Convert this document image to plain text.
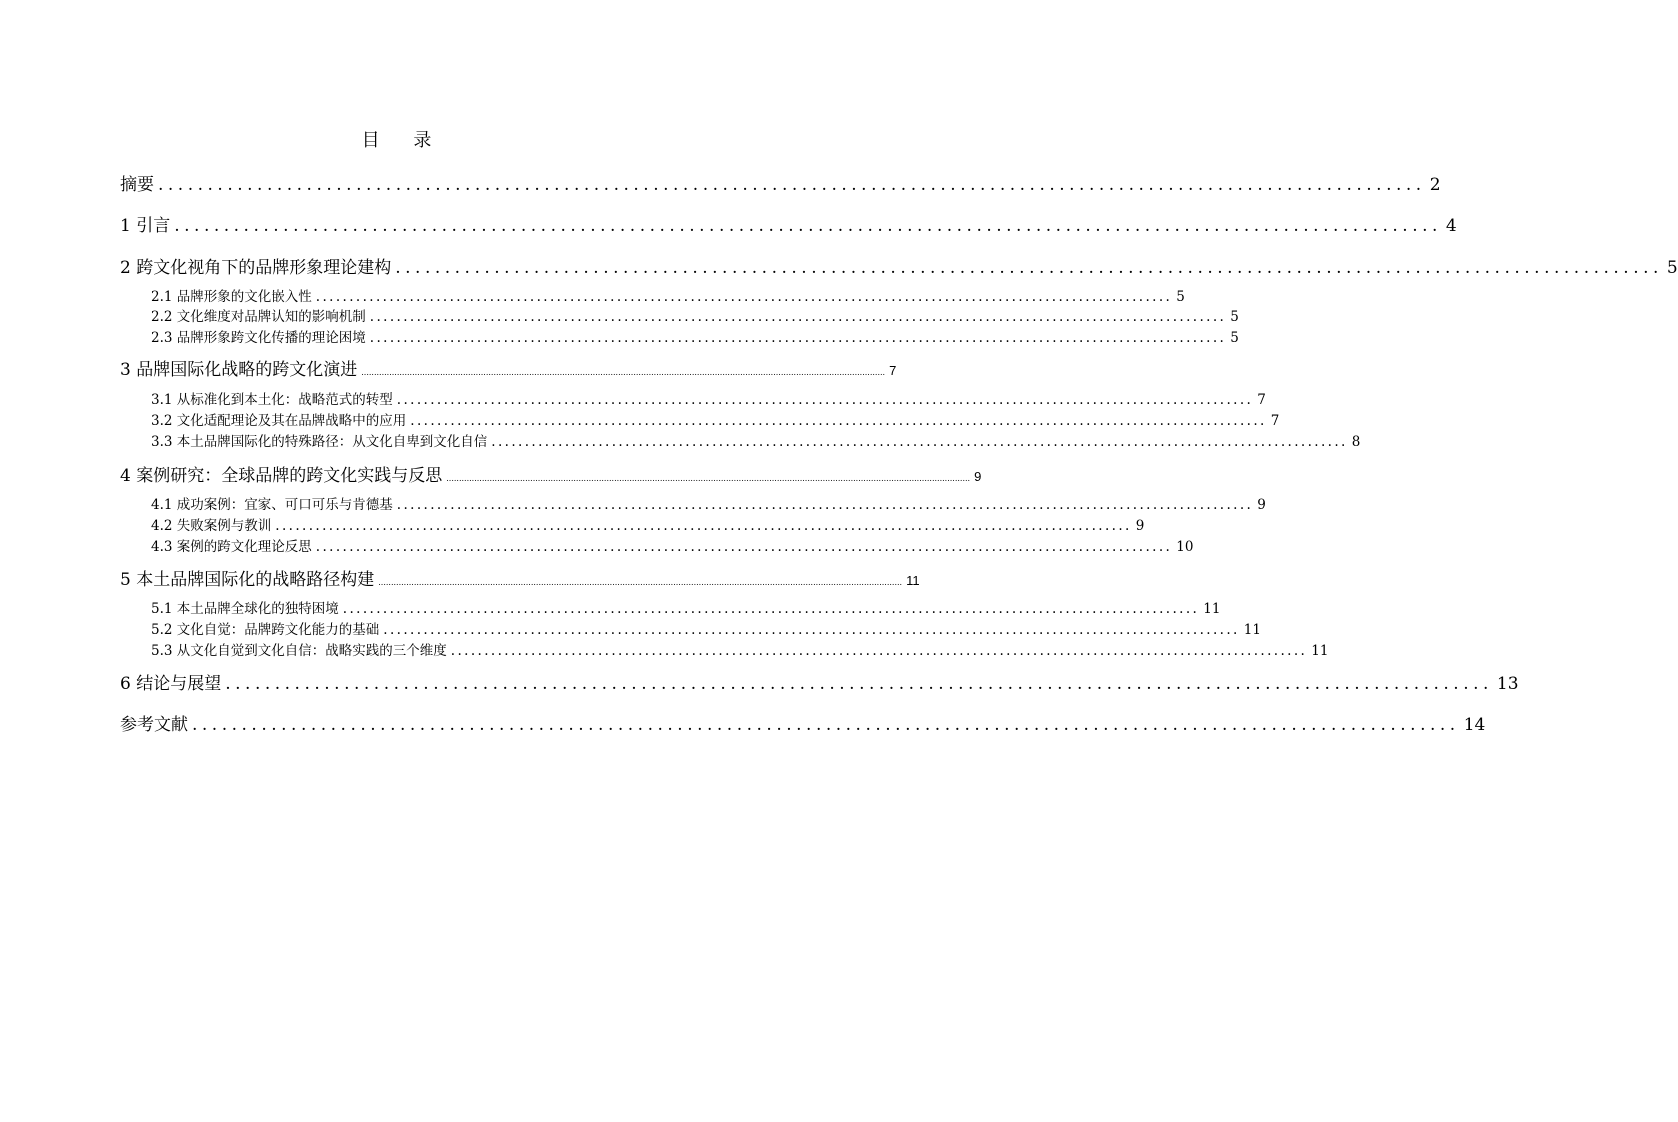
目 录
摘要 ................................................................................................................................ 2
1 引言 ................................................................................................................................ 4
2 跨文化视角下的品牌形象理论建构 ................................................................................................................................ 5
2.1 品牌形象的文化嵌入性 ................................................................................................................................ 5
2.2 文化维度对品牌认知的影响机制 ................................................................................................................................ 5
2.3 品牌形象跨文化传播的理论困境 ................................................................................................................................ 5
3 品牌国际化战略的跨文化演进 .............................................................................................................................................................................................................. 7
3.1 从标准化到本土化：战略范式的转型 ................................................................................................................................ 7
3.2 文化适配理论及其在品牌战略中的应用 ................................................................................................................................ 7
3.3 本土品牌国际化的特殊路径：从文化自卑到文化自信 ................................................................................................................................ 8
4 案例研究：全球品牌的跨文化实践与反思 .............................................................................................................................................................................................................. 9
4.1 成功案例：宜家、可口可乐与肯德基 ................................................................................................................................ 9
4.2 失败案例与教训 ................................................................................................................................ 9
4.3 案例的跨文化理论反思 ................................................................................................................................ 10
5 本土品牌国际化的战略路径构建 .............................................................................................................................................................................................................. 11
5.1 本土品牌全球化的独特困境 ................................................................................................................................ 11
5.2 文化自觉：品牌跨文化能力的基础 ................................................................................................................................ 11
5.3 从文化自觉到文化自信：战略实践的三个维度 ................................................................................................................................ 11
6 结论与展望 ................................................................................................................................ 13
参考文献 ................................................................................................................................ 14
